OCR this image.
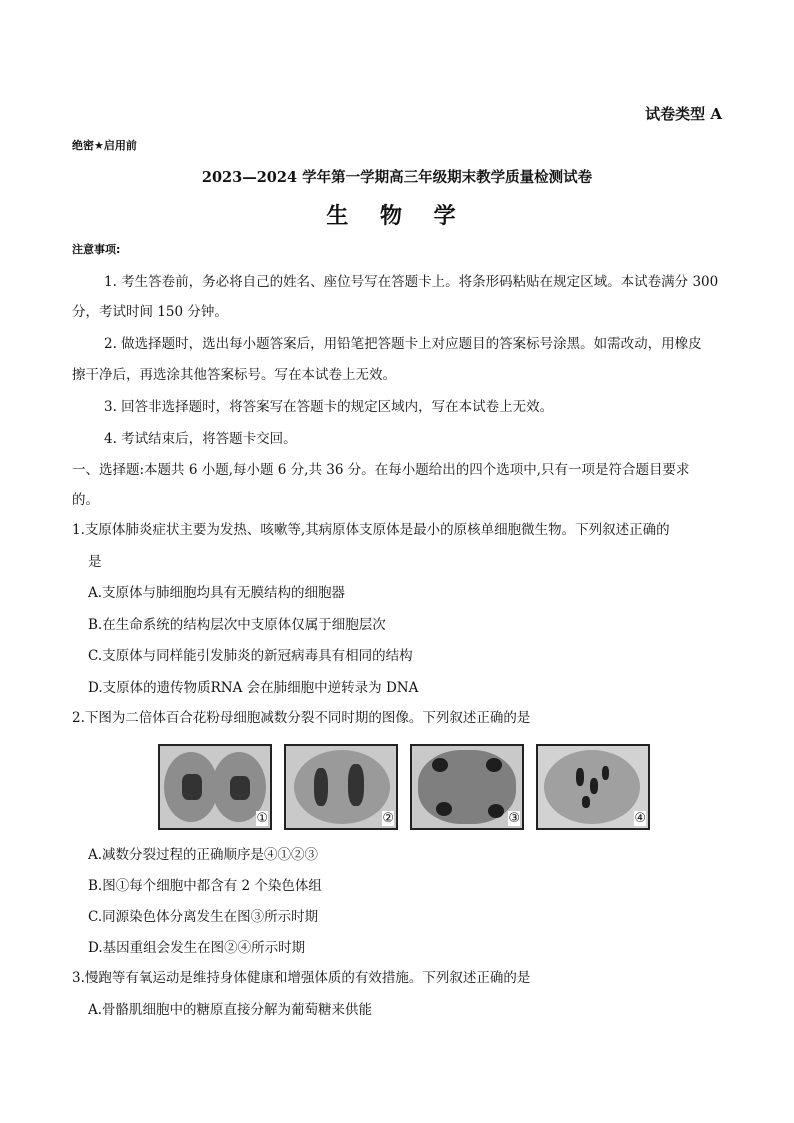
试卷类型 A
绝密★启用前
2023—2024 学年第一学期高三年级期末教学质量检测试卷
生 物 学
注意事项:
1. 考生答卷前，务必将自己的姓名、座位号写在答题卡上。将条形码粘贴在规定区域。本试卷满分 300
分，考试时间 150 分钟。
2. 做选择题时，选出每小题答案后，用铅笔把答题卡上对应题目的答案标号涂黑。如需改动，用橡皮
擦干净后，再选涂其他答案标号。写在本试卷上无效。
3. 回答非选择题时，将答案写在答题卡的规定区域内，写在本试卷上无效。
4. 考试结束后，将答题卡交回。
一、选择题:本题共 6 小题,每小题 6 分,共 36 分。在每小题给出的四个选项中,只有一项是符合题目要求
的。
1.支原体肺炎症状主要为发热、咳嗽等,其病原体支原体是最小的原核单细胞微生物。下列叙述正确的
是
A.支原体与肺细胞均具有无膜结构的细胞器
B.在生命系统的结构层次中支原体仅属于细胞层次
C.支原体与同样能引发肺炎的新冠病毒具有相同的结构
D.支原体的遗传物质RNA 会在肺细胞中逆转录为 DNA
2.下图为二倍体百合花粉母细胞减数分裂不同时期的图像。下列叙述正确的是
①	②	③	④
A.减数分裂过程的正确顺序是④①②③
B.图①每个细胞中都含有 2 个染色体组
C.同源染色体分离发生在图③所示时期
D.基因重组会发生在图②④所示时期
3.慢跑等有氧运动是维持身体健康和增强体质的有效措施。下列叙述正确的是
A.骨骼肌细胞中的糖原直接分解为葡萄糖来供能
